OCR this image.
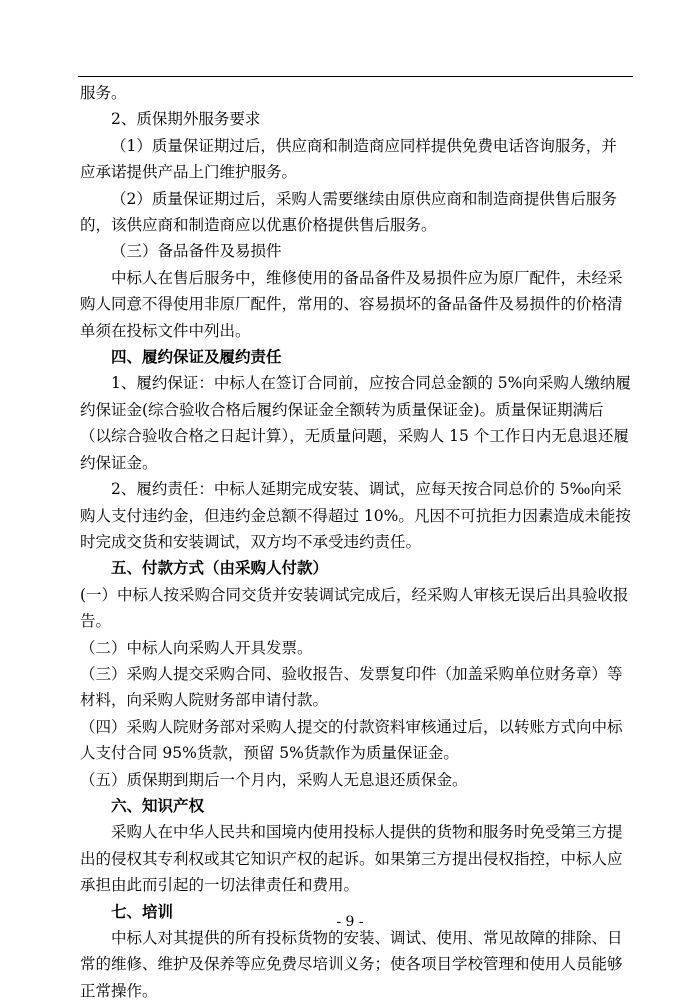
服务。

2、质保期外服务要求

（1）质量保证期过后，供应商和制造商应同样提供免费电话咨询服务，并应承诺提供产品上门维护服务。

（2）质量保证期过后，采购人需要继续由原供应商和制造商提供售后服务的，该供应商和制造商应以优惠价格提供售后服务。

（三）备品备件及易损件

中标人在售后服务中，维修使用的备品备件及易损件应为原厂配件，未经采购人同意不得使用非原厂配件，常用的、容易损坏的备品备件及易损件的价格清单须在投标文件中列出。

四、履约保证及履约责任

1、履约保证：中标人在签订合同前，应按合同总金额的 5%向采购人缴纳履约保证金(综合验收合格后履约保证金全额转为质量保证金)。质量保证期满后（以综合验收合格之日起计算），无质量问题，采购人 15 个工作日内无息退还履约保证金。

2、履约责任：中标人延期完成安装、调试，应每天按合同总价的 5‰向采购人支付违约金，但违约金总额不得超过 10%。凡因不可抗拒力因素造成未能按时完成交货和安装调试，双方均不承受违约责任。

五、付款方式（由采购人付款）

(一）中标人按采购合同交货并安装调试完成后，经采购人审核无误后出具验收报告。

（二）中标人向采购人开具发票。

（三）采购人提交采购合同、验收报告、发票复印件（加盖采购单位财务章）等材料，向采购人院财务部申请付款。

（四）采购人院财务部对采购人提交的付款资料审核通过后，以转账方式向中标人支付合同 95%货款，预留 5%货款作为质量保证金。

（五）质保期到期后一个月内，采购人无息退还质保金。

六、知识产权

采购人在中华人民共和国境内使用投标人提供的货物和服务时免受第三方提出的侵权其专利权或其它知识产权的起诉。如果第三方提出侵权指控，中标人应承担由此而引起的一切法律责任和费用。

七、培训

中标人对其提供的所有投标货物的安装、调试、使用、常见故障的排除、日常的维修、维护及保养等应免费尽培训义务；使各项目学校管理和使用人员能够正常操作。

- 9 -
